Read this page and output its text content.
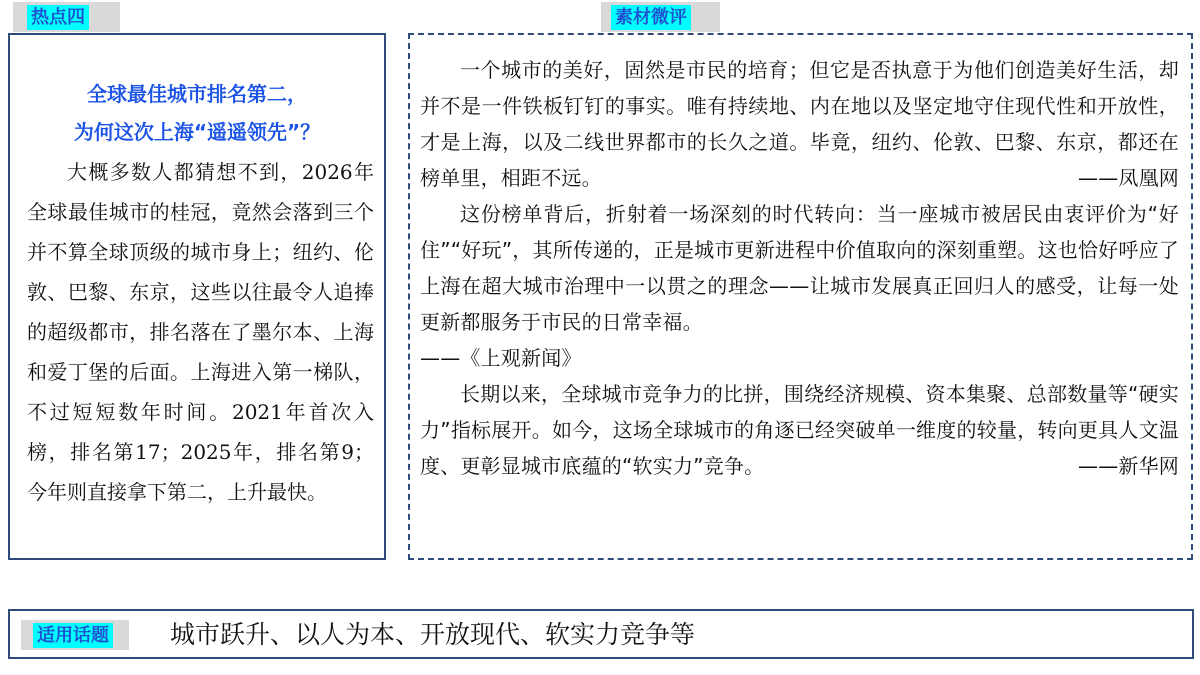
热点四	素材微评
全球最佳城市排名第二，
为何这次上海“遥遥领先”？
大概多数人都猜想不到，2026年全球最佳城市的桂冠，竟然会落到三个并不算全球顶级的城市身上；纽约、伦敦、巴黎、东京，这些以往最令人追捧的超级都市，排名落在了墨尔本、上海和爱丁堡的后面。上海进入第一梯队，不过短短数年时间。2021年首次入榜，排名第17；2025年，排名第9；今年则直接拿下第二，上升最快。

一个城市的美好，固然是市民的培育；但它是否执意于为他们创造美好生活，却并不是一件铁板钉钉的事实。唯有持续地、内在地以及坚定地守住现代性和开放性，才是上海，以及二线世界都市的长久之道。毕竟，纽约、伦敦、巴黎、东京，都还在榜单里，相距不远。	——凤凰网

这份榜单背后，折射着一场深刻的时代转向：当一座城市被居民由衷评价为“好住”“好玩”，其所传递的，正是城市更新进程中价值取向的深刻重塑。这也恰好呼应了上海在超大城市治理中一以贯之的理念——让城市发展真正回归人的感受，让每一处更新都服务于市民的日常幸福。

——《上观新闻》

长期以来，全球城市竞争力的比拼，围绕经济规模、资本集聚、总部数量等“硬实力”指标展开。如今，这场全球城市的角逐已经突破单一维度的较量，转向更具人文温度、更彰显城市底蕴的“软实力”竞争。	——新华网

适用话题 城市跃升、以人为本、开放现代、软实力竞争等
